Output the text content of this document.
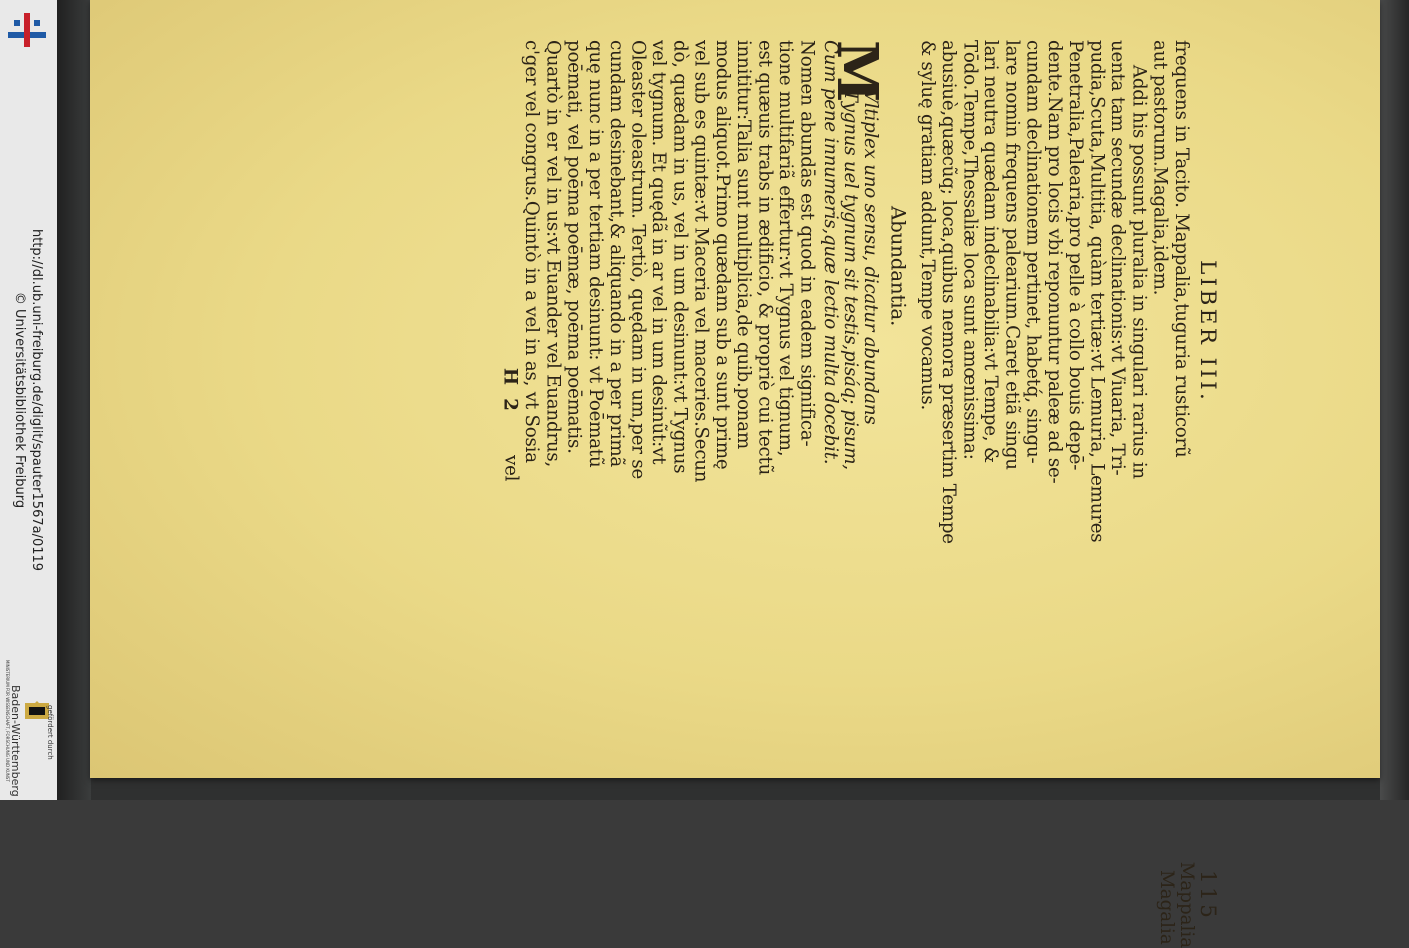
http://dl.ub.uni-freiburg.de/diglit/spauter1567a/0119
© Universitätsbibliothek Freiburg
gefördert durch
Baden-Württemberg
MINISTERIUM FÜR WISSENSCHAFT, FORSCHUNG UND KUNST
LIBER III.
115
Mappalia
Magalia
Abundantia.
M
H 2
vel
frequens in Tacito. Mappalia,tuguria rusticorũ
aut pastorum.Magalia,idem.
Addi his possunt pluralia in singulari rarius in
uenta tam secundæ declinationis:vt Viuaria, Tri-
pudia,Scuta,Multitia, quàm tertiæ:vt Lemuria, Lemures
Penetralia,Palearia,pro pelle à collo bouis depē-
dente.Nam pro locis vbi reponuntur paleæ ad se-
cundam declinationem pertinet, habetq́, singu-
lare nomin frequens palearium.Caret etiã singu
lari neutra quædam indeclinabilia:vt Tempe, &
Tōdo.Tempe,Thessaliæ loca sunt amœnissima:
abusiuè,quæcũq; loca,quibus nemora præsertim Tempe
& syluę gratiam addunt,Tempe vocamus.
Vltiplex uno sensu, dicatur abundans
Tygnus uel tygnum sit testis,pisáq; pisum,
Cum pene innumeris,quæ lectio multa docebit.
Nomen abundās est quod in eadem significa-
tione multifariã effertur:vt Tygnus vel tignum,
est quæuis trabs in ædificio, & propriè cui tectũ
innititur:Talia sunt multiplicia,de quib.ponam
modus aliquot.Primo quædam sub a sunt primę
vel sub es quintæ:vt Maceria vel maceries.Secun
dò, quædam in us, vel in um desinunt:vt Tygnus
vel tygnum. Et quędã in ar vel in um desinũt:vt
Oleaster oleastrum. Tertiò, quędam in um,per se
cundam desinebant,& aliquando in a per primã
quę nunc in a per tertiam desinunt: vt Poēmatũ
poēmati, vel poēma poēmæ, poēma poēmatis.
Quartò in er vel in us:vt Euander vel Euandrus,
c'ger vel congrus.Quintò in a vel in as, vt Sosia
